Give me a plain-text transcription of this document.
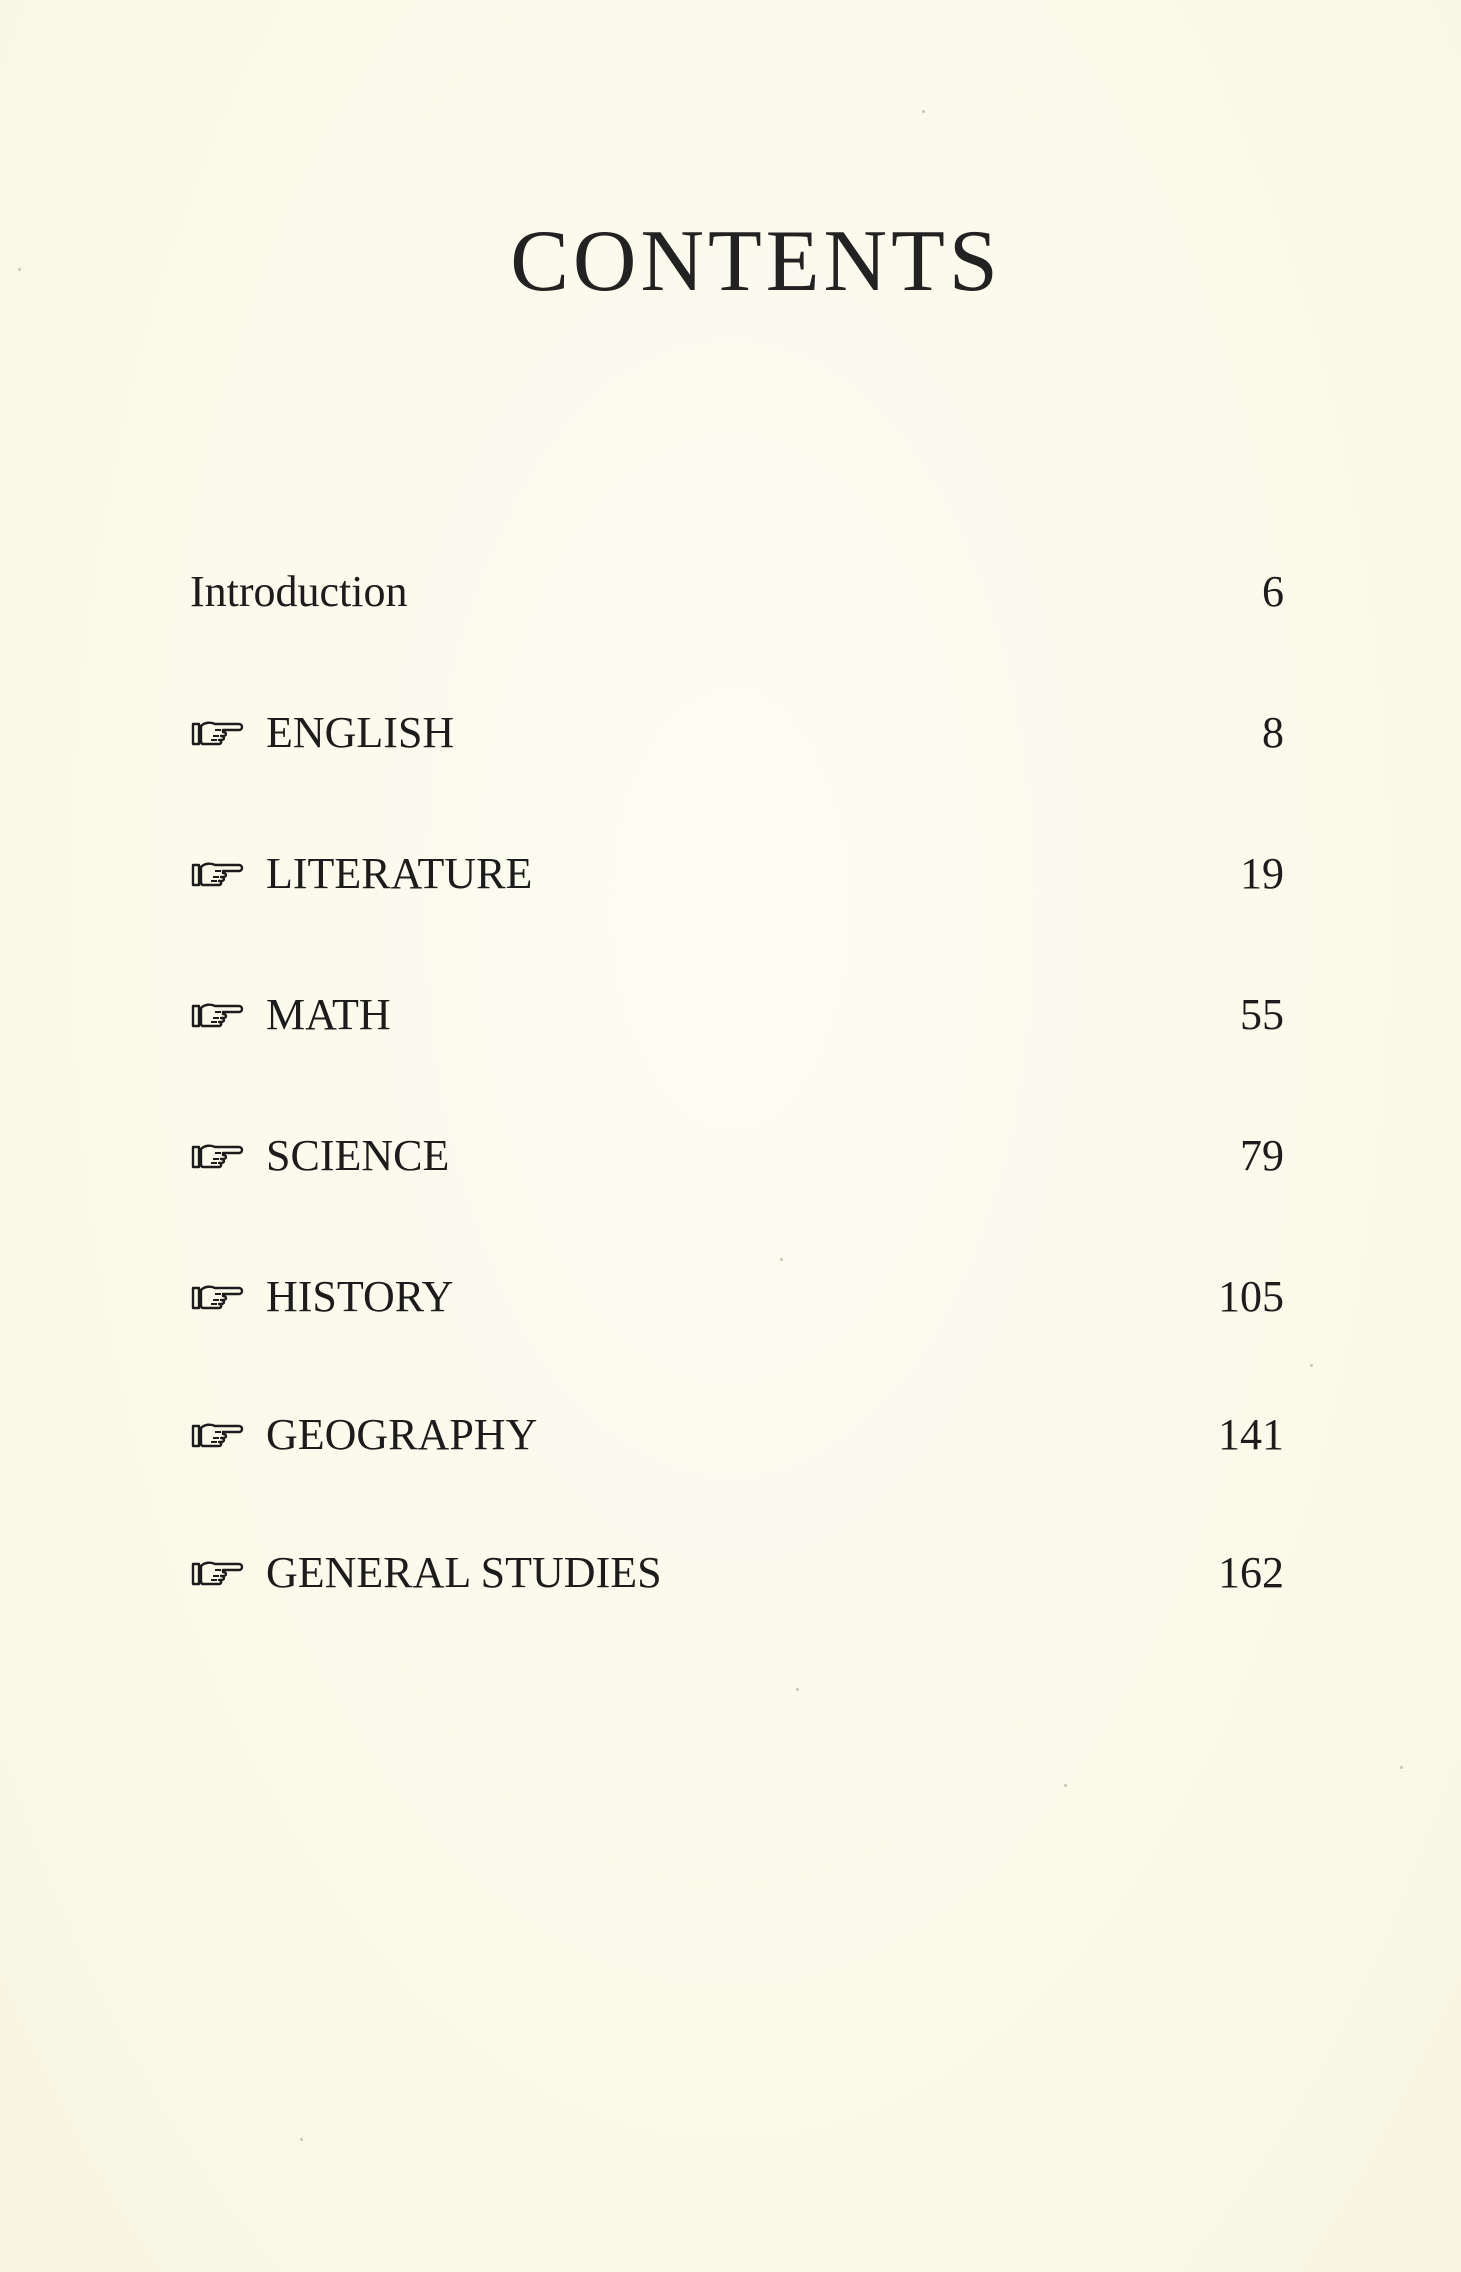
CONTENTS
Introduction	6
ENGLISH	8
LITERATURE	19
MATH	55
SCIENCE	79
HISTORY	105
GEOGRAPHY	141
GENERAL STUDIES	162
